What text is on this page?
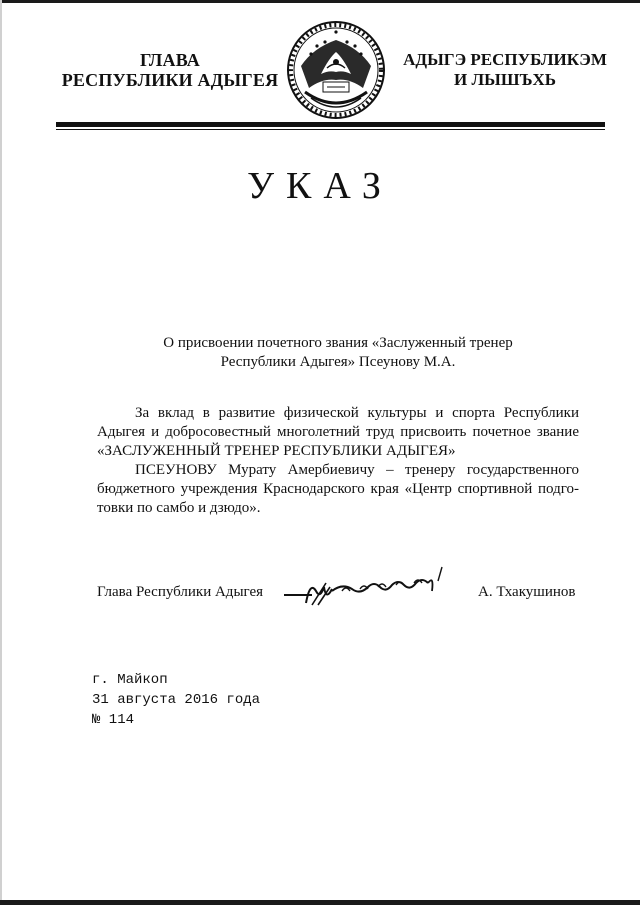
ГЛАВА
РЕСПУБЛИКИ АДЫГЕЯ
АДЫГЭ РЕСПУБЛИКЭМ
И ЛЫШЪХЬ
УКАЗ
О присвоении почетного звания «Заслуженный тренер
Республики Адыгея» Псеунову М.А.
За вклад в развитие физической культуры и спорта Республики
Адыгея и добросовестный многолетний труд присвоить почетное звание
«ЗАСЛУЖЕННЫЙ ТРЕНЕР РЕСПУБЛИКИ АДЫГЕЯ»
ПСЕУНОВУ Мурату Амербиевичу – тренеру государственного
бюджетного учреждения Краснодарского края «Центр спортивной подго-
товки по самбо и дзюдо».
Глава Республики Адыгея	А. Тхакушинов
г. Майкоп
31 августа 2016 года
№ 114
